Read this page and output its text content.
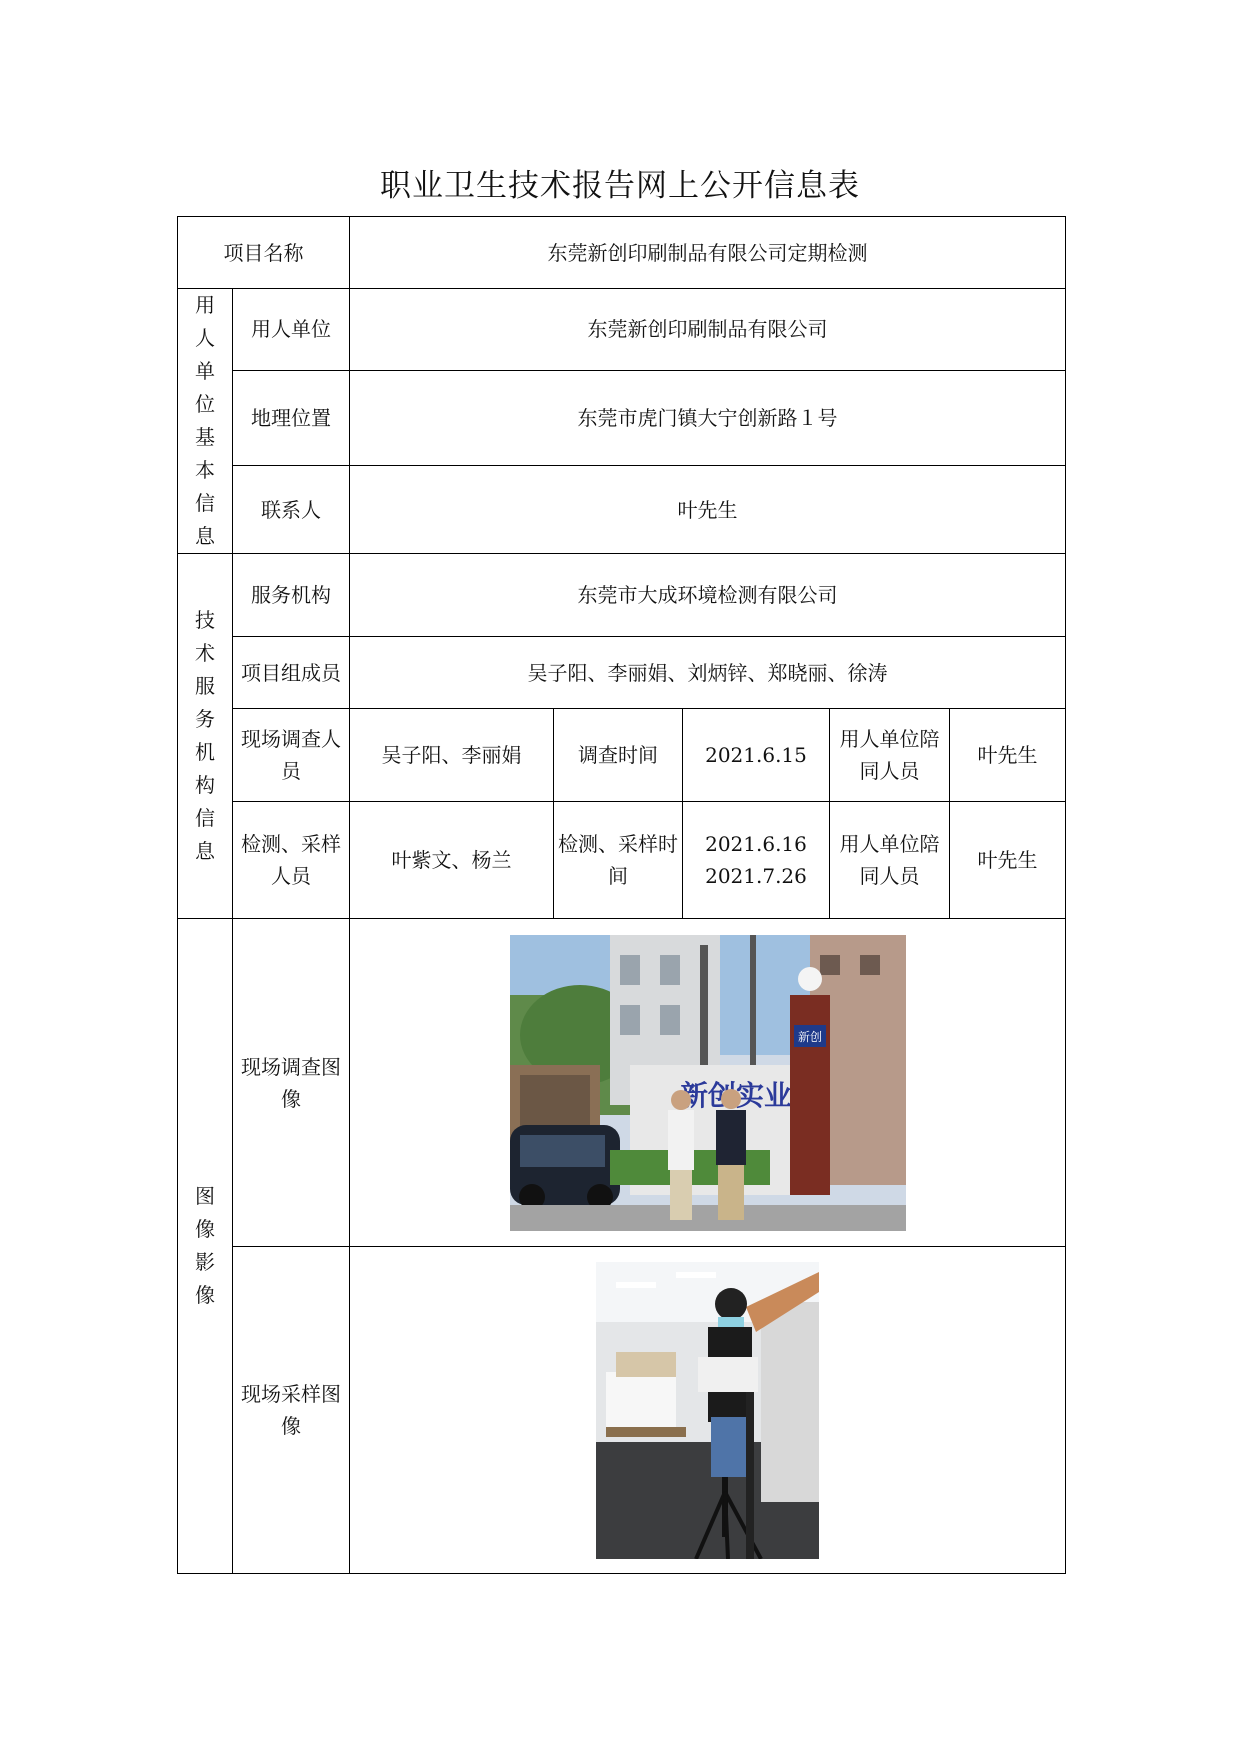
职业卫生技术报告网上公开信息表
项目名称		东莞新创印刷制品有限公司定期检测				

用人单位基本信息	用人单位	东莞新创印刷制品有限公司				
	地理位置	东莞市虎门镇大宁创新路１号				
	联系人	叶先生				

技术服务机构信息	服务机构	东莞市大成环境检测有限公司				
	项目组成员	吴子阳、李丽娟、刘炳锌、郑晓丽、徐涛				
	现场调查人员	吴子阳、李丽娟	调查时间	2021.6.15	用人单位陪同人员	叶先生
	检测、采样人员	叶紫文、杨兰	检测、采样时间	2021.6.16
2021.7.26	用人单位陪同人员	叶先生

图像影像	现场调查图像	新创				

	现场采样图像	
